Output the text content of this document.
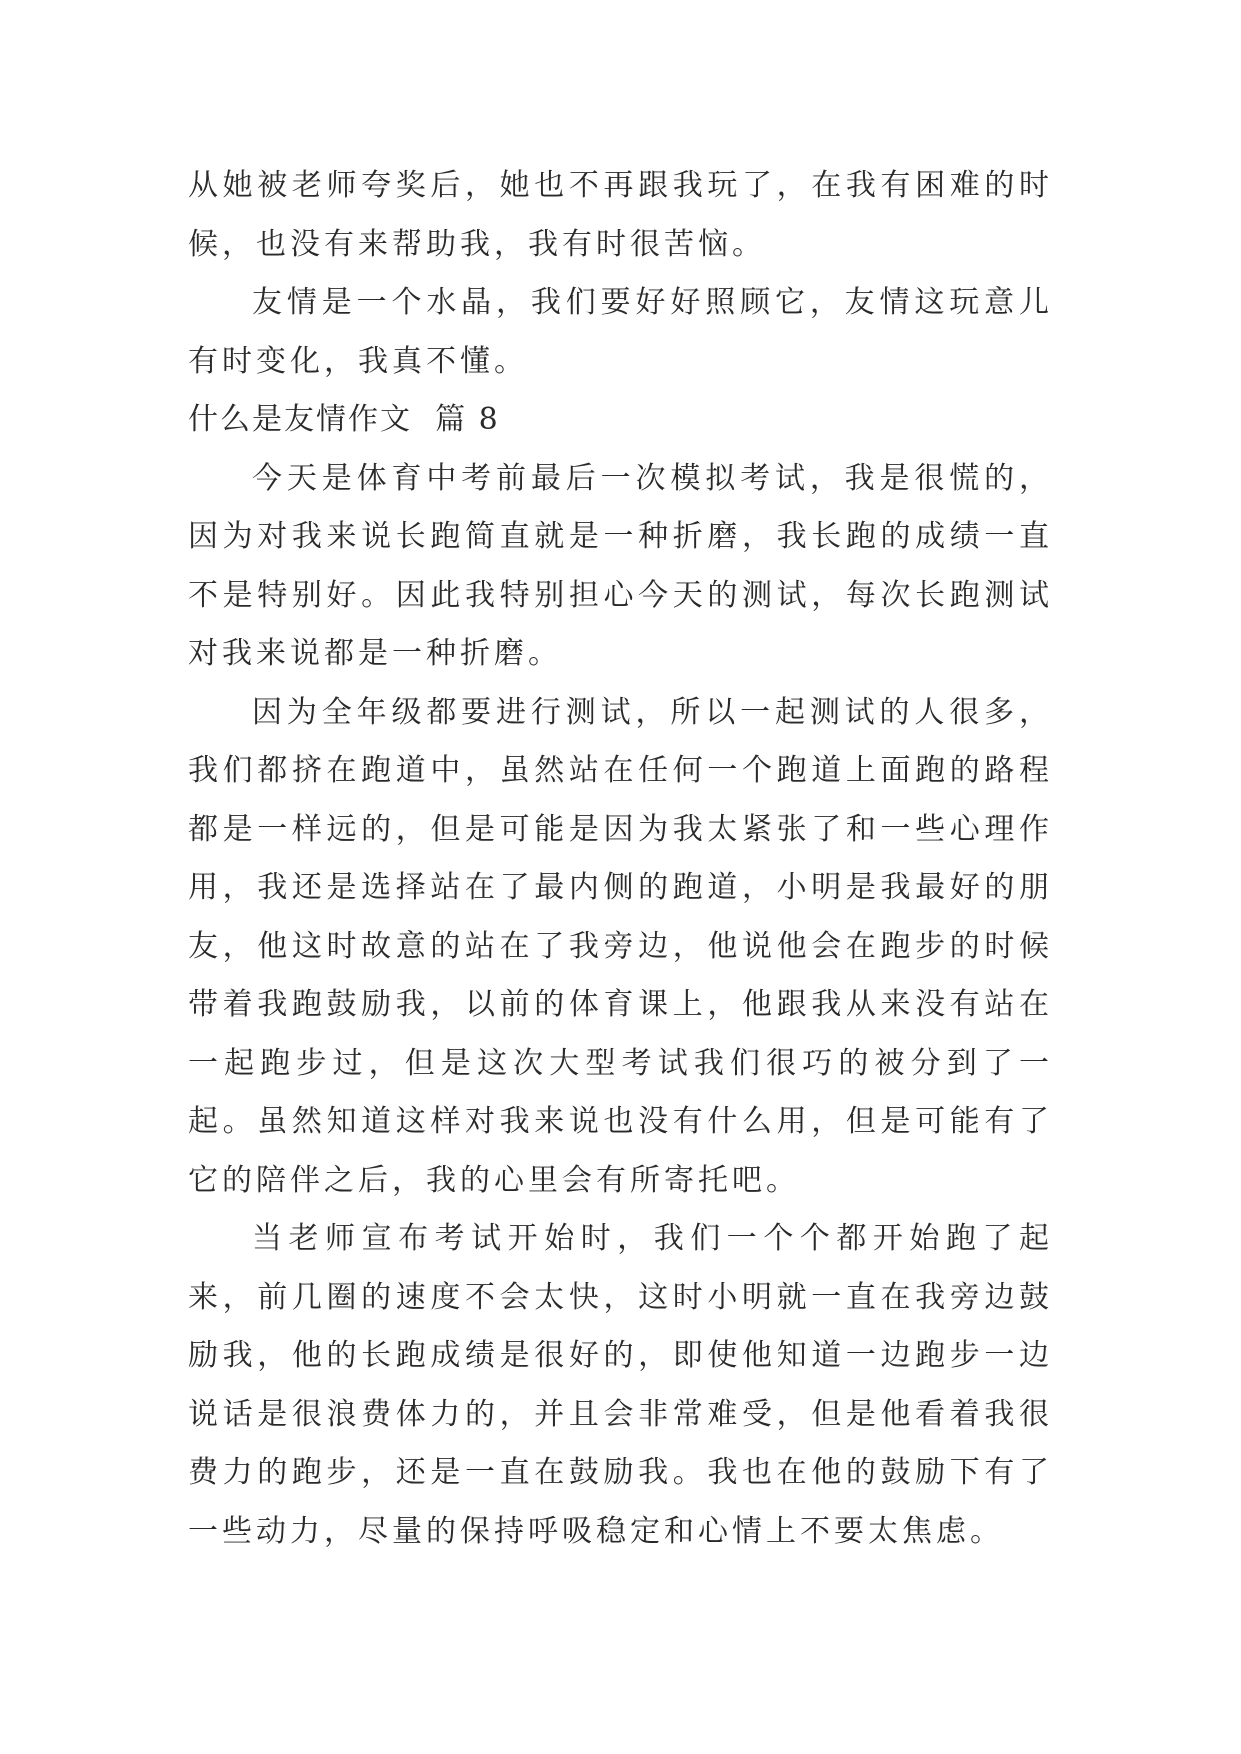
从她被老师夸奖后，她也不再跟我玩了，在我有困难的时候，也没有来帮助我，我有时很苦恼。

友情是一个水晶，我们要好好照顾它，友情这玩意儿有时变化，我真不懂。

什么是友情作文  篇 8

今天是体育中考前最后一次模拟考试，我是很慌的，因为对我来说长跑简直就是一种折磨，我长跑的成绩一直不是特别好。因此我特别担心今天的测试，每次长跑测试对我来说都是一种折磨。

因为全年级都要进行测试，所以一起测试的人很多，我们都挤在跑道中，虽然站在任何一个跑道上面跑的路程都是一样远的，但是可能是因为我太紧张了和一些心理作用，我还是选择站在了最内侧的跑道，小明是我最好的朋友，他这时故意的站在了我旁边，他说他会在跑步的时候带着我跑鼓励我，以前的体育课上，他跟我从来没有站在一起跑步过，但是这次大型考试我们很巧的被分到了一起。虽然知道这样对我来说也没有什么用，但是可能有了它的陪伴之后，我的心里会有所寄托吧。

当老师宣布考试开始时，我们一个个都开始跑了起来，前几圈的速度不会太快，这时小明就一直在我旁边鼓励我，他的长跑成绩是很好的，即使他知道一边跑步一边说话是很浪费体力的，并且会非常难受，但是他看着我很费力的跑步，还是一直在鼓励我。我也在他的鼓励下有了一些动力，尽量的保持呼吸稳定和心情上不要太焦虑。
